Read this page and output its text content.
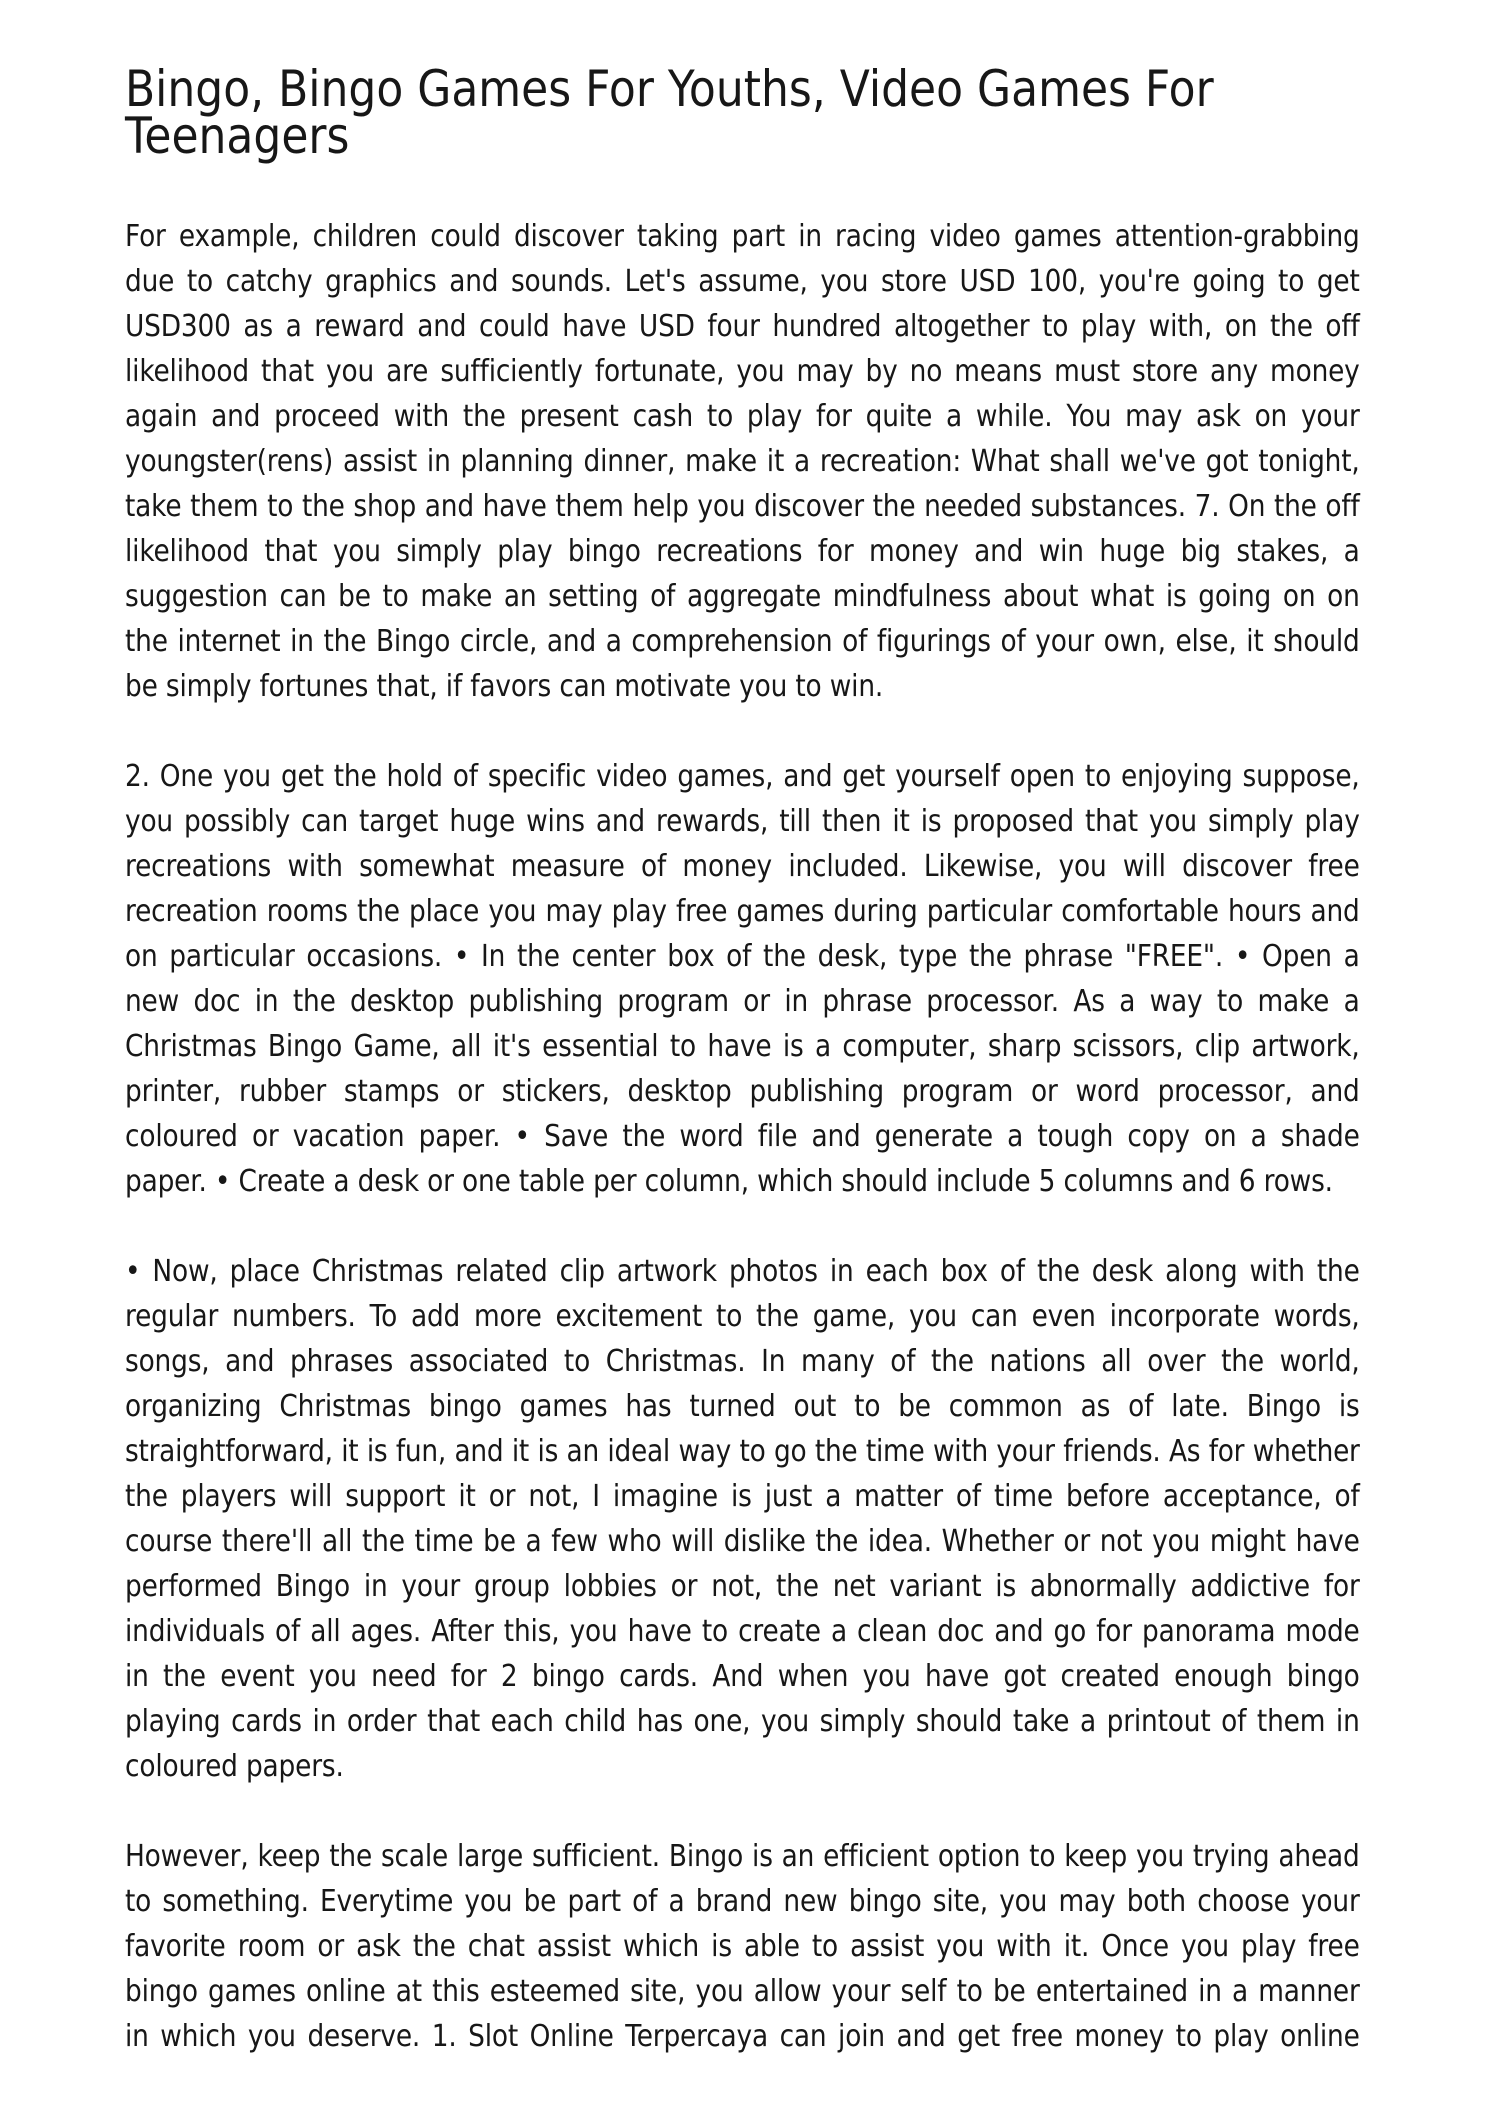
Bingo, Bingo Games For Youths, Video Games For
Teenagers

For example, children could discover taking part in racing video games attention-grabbing
due to catchy graphics and sounds. Let's assume, you store USD 100, you're going to get
USD300 as a reward and could have USD four hundred altogether to play with, on the off
likelihood that you are sufficiently fortunate, you may by no means must store any money
again and proceed with the present cash to play for quite a while. You may ask on your
youngster(rens) assist in planning dinner, make it a recreation: What shall we've got tonight,
take them to the shop and have them help you discover the needed substances. 7. On the off
likelihood that you simply play bingo recreations for money and win huge big stakes, a
suggestion can be to make an setting of aggregate mindfulness about what is going on on
the internet in the Bingo circle, and a comprehension of figurings of your own, else, it should
be simply fortunes that, if favors can motivate you to win.

2. One you get the hold of specific video games, and get yourself open to enjoying suppose,
you possibly can target huge wins and rewards, till then it is proposed that you simply play
recreations with somewhat measure of money included. Likewise, you will discover free
recreation rooms the place you may play free games during particular comfortable hours and
on particular occasions. • In the center box of the desk, type the phrase "FREE". • Open a
new doc in the desktop publishing program or in phrase processor. As a way to make a
Christmas Bingo Game, all it's essential to have is a computer, sharp scissors, clip artwork,
printer, rubber stamps or stickers, desktop publishing program or word processor, and
coloured or vacation paper. • Save the word file and generate a tough copy on a shade
paper. • Create a desk or one table per column, which should include 5 columns and 6 rows.

• Now, place Christmas related clip artwork photos in each box of the desk along with the
regular numbers. To add more excitement to the game, you can even incorporate words,
songs, and phrases associated to Christmas. In many of the nations all over the world,
organizing Christmas bingo games has turned out to be common as of late. Bingo is
straightforward, it is fun, and it is an ideal way to go the time with your friends. As for whether
the players will support it or not, I imagine is just a matter of time before acceptance, of
course there'll all the time be a few who will dislike the idea. Whether or not you might have
performed Bingo in your group lobbies or not, the net variant is abnormally addictive for
individuals of all ages. After this, you have to create a clean doc and go for panorama mode
in the event you need for 2 bingo cards. And when you have got created enough bingo
playing cards in order that each child has one, you simply should take a printout of them in
coloured papers.

However, keep the scale large sufficient. Bingo is an efficient option to keep you trying ahead
to something. Everytime you be part of a brand new bingo site, you may both choose your
favorite room or ask the chat assist which is able to assist you with it. Once you play free
bingo games online at this esteemed site, you allow your self to be entertained in a manner
in which you deserve. 1. Slot Online Terpercaya can join and get free money to play online
